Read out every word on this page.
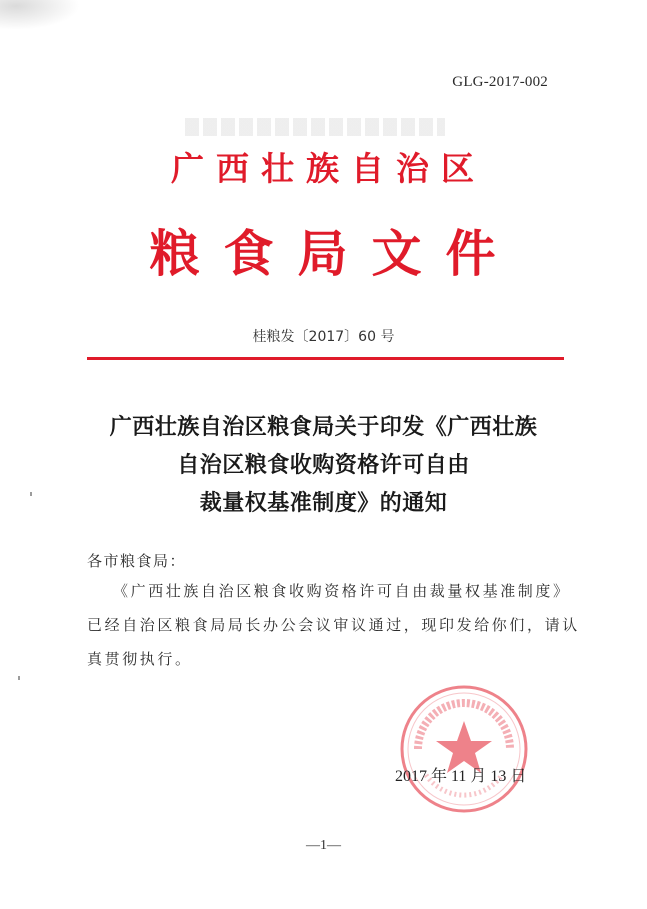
GLG-2017-002
广西壮族自治区
粮食局文件
桂粮发〔2017〕60 号
广西壮族自治区粮食局关于印发《广西壮族
自治区粮食收购资格许可自由
裁量权基准制度》的通知
各市粮食局：
《广西壮族自治区粮食收购资格许可自由裁量权基准制度》
已经自治区粮食局局长办公会议审议通过，现印发给你们，请认
真贯彻执行。
2017 年 11 月 13 日
—1—
